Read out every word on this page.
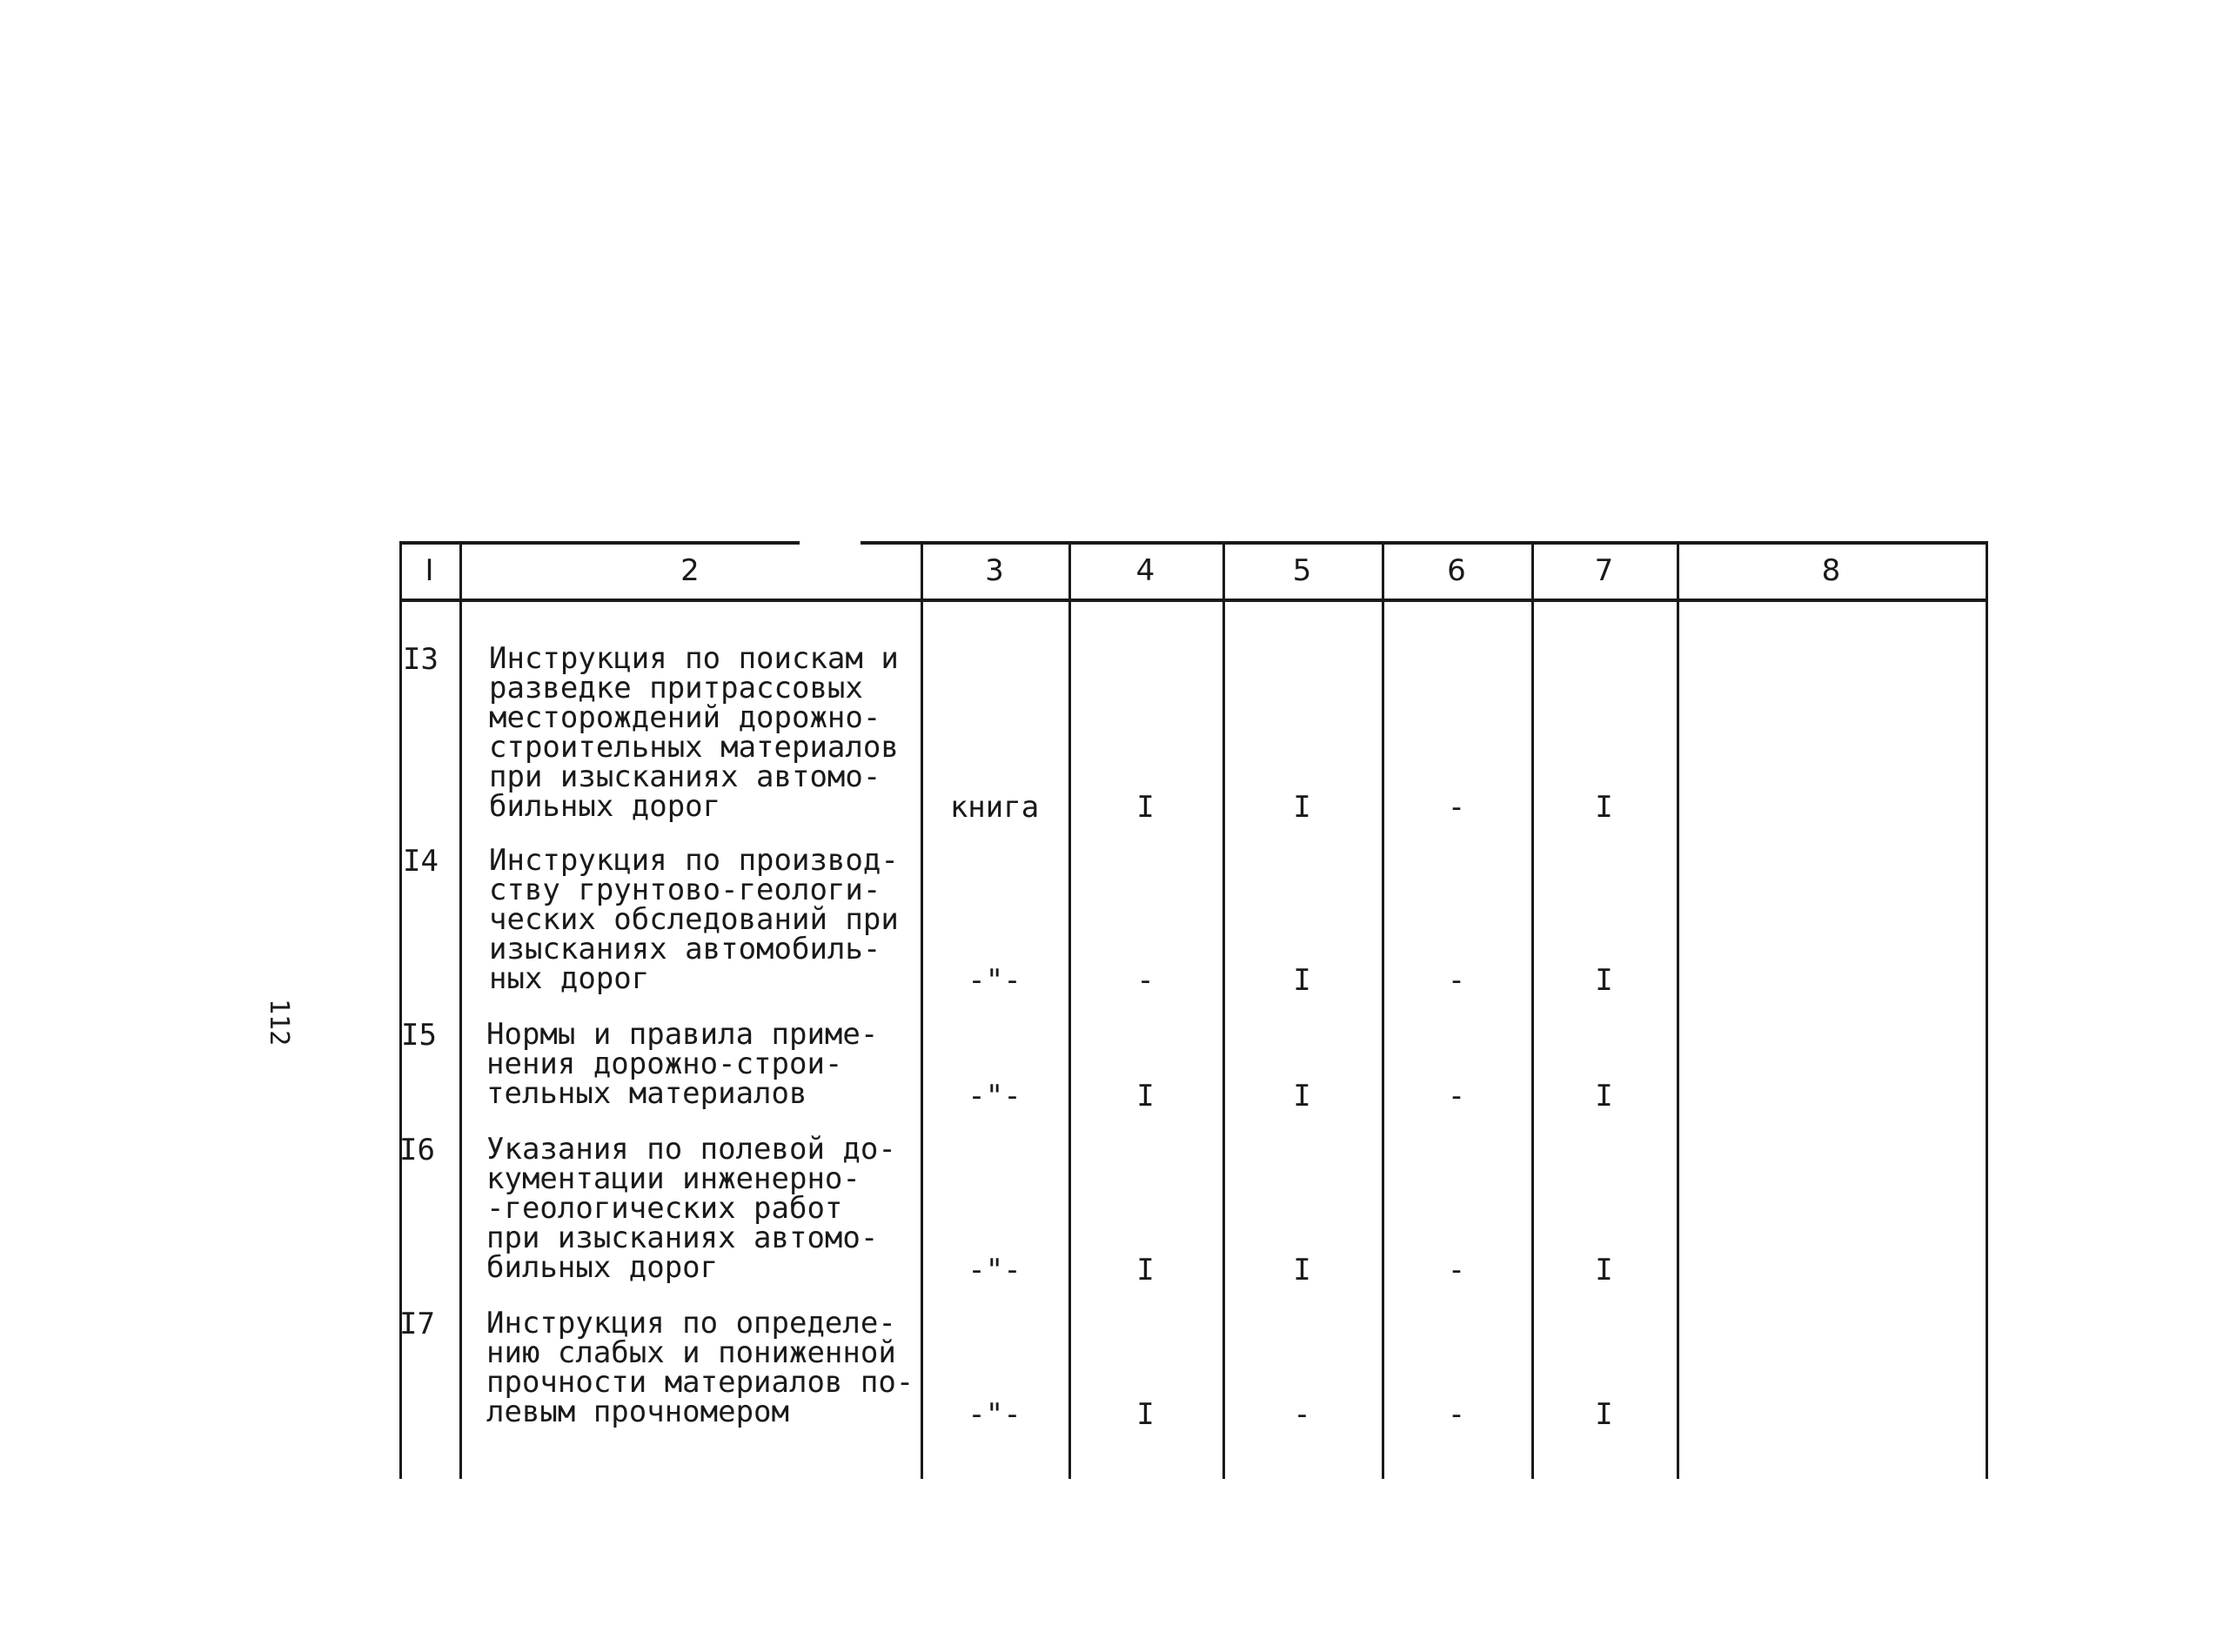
112
I	2	3	4	5	6	7	8
I3 Инструкция по поискам и
разведке притрассовых
месторождений дорожно-
строительных материалов
при изысканиях автомо-
бильных дорог	книга	I	I	-	I
I4 Инструкция по производ-
ству грунтово-геологи-
ческих обследований при
изысканиях автомобиль-
ных дорог	-"-	-	I	-	I
I5 Нормы и правила приме-
нения дорожно-строи-
тельных материалов	-"-	I	I	-	I
I6 Указания по полевой до-
кументации инженерно-
-геологических работ
при изысканиях автомо-
бильных дорог	-"-	I	I	-	I
I7 Инструкция по определе-
нию слабых и пониженной
прочности материалов по-
левым прочномером	-"-	I	-	-	I
